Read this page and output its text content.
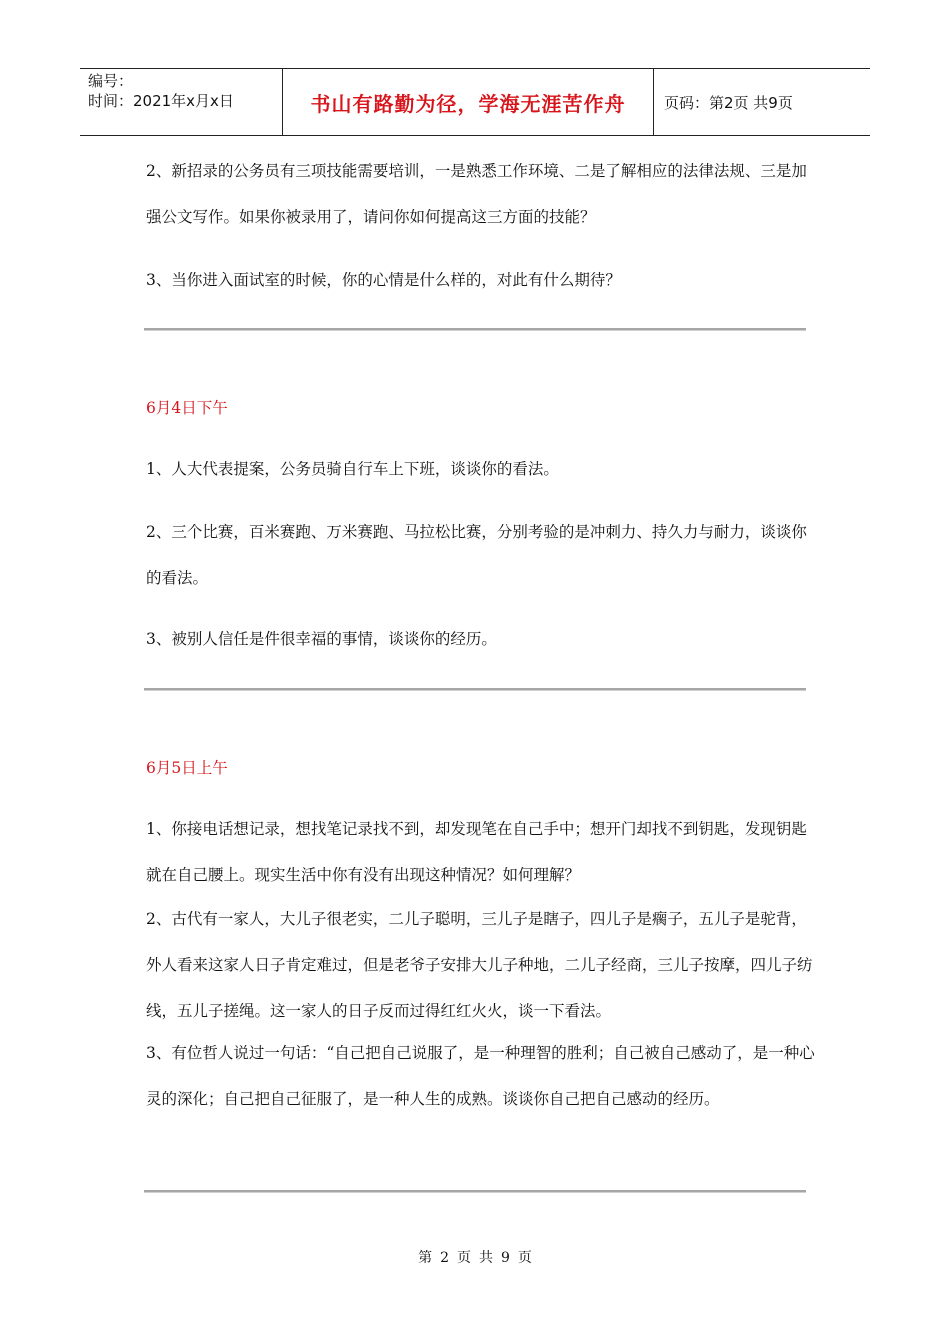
编号：
时间：2021年x月x日	书山有路勤为径，学海无涯苦作舟	页码：第2页 共9页

2、新招录的公务员有三项技能需要培训，一是熟悉工作环境、二是了解相应的法律法规、三是加强公文写作。如果你被录用了，请问你如何提高这三方面的技能？

3、当你进入面试室的时候，你的心情是什么样的，对此有什么期待？

6月4日下午

1、人大代表提案，公务员骑自行车上下班，谈谈你的看法。

2、三个比赛，百米赛跑、万米赛跑、马拉松比赛，分别考验的是冲刺力、持久力与耐力，谈谈你的看法。

3、被别人信任是件很幸福的事情，谈谈你的经历。

6月5日上午

1、你接电话想记录，想找笔记录找不到，却发现笔在自己手中；想开门却找不到钥匙，发现钥匙就在自己腰上。现实生活中你有没有出现这种情况？如何理解？

2、古代有一家人，大儿子很老实，二儿子聪明，三儿子是瞎子，四儿子是瘸子，五儿子是驼背，外人看来这家人日子肯定难过，但是老爷子安排大儿子种地，二儿子经商，三儿子按摩，四儿子纺线，五儿子搓绳。这一家人的日子反而过得红红火火，谈一下看法。

3、有位哲人说过一句话：“自己把自己说服了，是一种理智的胜利；自己被自己感动了，是一种心灵的深化；自己把自己征服了，是一种人生的成熟。谈谈你自己把自己感动的经历。

第 2 页 共 9 页
